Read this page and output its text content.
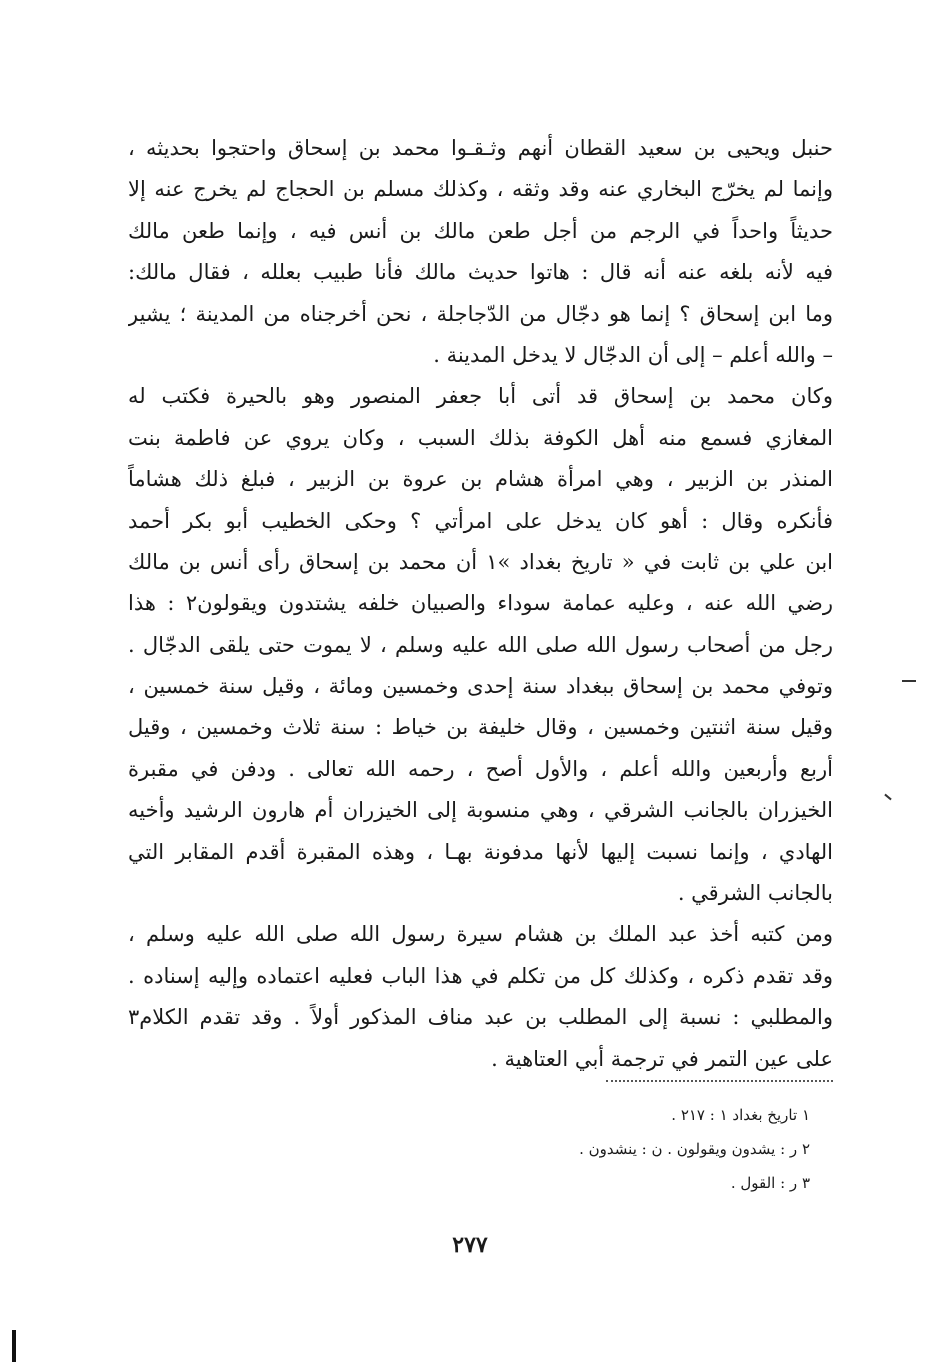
حنبل ويحيى بن سعيد القطان أنهم وثـقـوا محمد بن إسحاق واحتجوا بحديثه ،
وإنما لم يخرّج البخاري عنه وقد وثقه ، وكذلك مسلم بن الحجاج لم يخرج عنه إلا
حديثاً واحداً في الرجم من أجل طعن مالك بن أنس فيه ، وإنما طعن مالك
فيه لأنه بلغه عنه أنه قال : هاتوا حديث مالك فأنا طبيب بعلله ، فقال مالك:
وما ابن إسحاق ؟ إنما هو دجّال من الدّجاجلة ، نحن أخرجناه من المدينة ؛ يشير
– والله أعلم – إلى أن الدجّال لا يدخل المدينة .
وكان محمد بن إسحاق قد أتى أبا جعفر المنصور وهو بالحيرة فكتب له
المغازي فسمع منه أهل الكوفة بذلك السبب ، وكان يروي عن فاطمة بنت
المنذر بن الزبير ، وهي امرأة هشام بن عروة بن الزبير ، فبلغ ذلك هشاماً
فأنكره وقال : أهو كان يدخل على امرأتي ؟ وحكى الخطيب أبو بكر أحمد
ابن علي بن ثابت في « تاريخ بغداد »١ أن محمد بن إسحاق رأى أنس بن مالك
رضي الله عنه ، وعليه عمامة سوداء والصبيان خلفه يشتدون ويقولون٢ : هذا
رجل من أصحاب رسول الله صلى الله عليه وسلم ، لا يموت حتى يلقى الدجّال .
وتوفي محمد بن إسحاق ببغداد سنة إحدى وخمسين ومائة ، وقيل سنة خمسين ،
وقيل سنة اثنتين وخمسين ، وقال خليفة بن خياط : سنة ثلاث وخمسين ، وقيل
أربع وأربعين والله أعلم ، والأول أصح ، رحمه الله تعالى . ودفن في مقبرة
الخيزران بالجانب الشرقي ، وهي منسوبة إلى الخيزران أم هارون الرشيد وأخيه
الهادي ، وإنما نسبت إليها لأنها مدفونة بهـا ، وهذه المقبرة أقدم المقابر التي
بالجانب الشرقي .
ومن كتبه أخذ عبد الملك بن هشام سيرة رسول الله صلى الله عليه وسلم ،
وقد تقدم ذكره ، وكذلك كل من تكلم في هذا الباب فعليه اعتماده وإليه إسناده .
والمطلبي : نسبة إلى المطلب بن عبد مناف المذكور أولاً . وقد تقدم الكلام٣
على عين التمر في ترجمة أبي العتاهية .
١ تاريخ بغداد ١ : ٢١٧ .
٢ ر : يشدون ويقولون . ن : ينشدون .
٣ ر : القول .
٢٧٧
